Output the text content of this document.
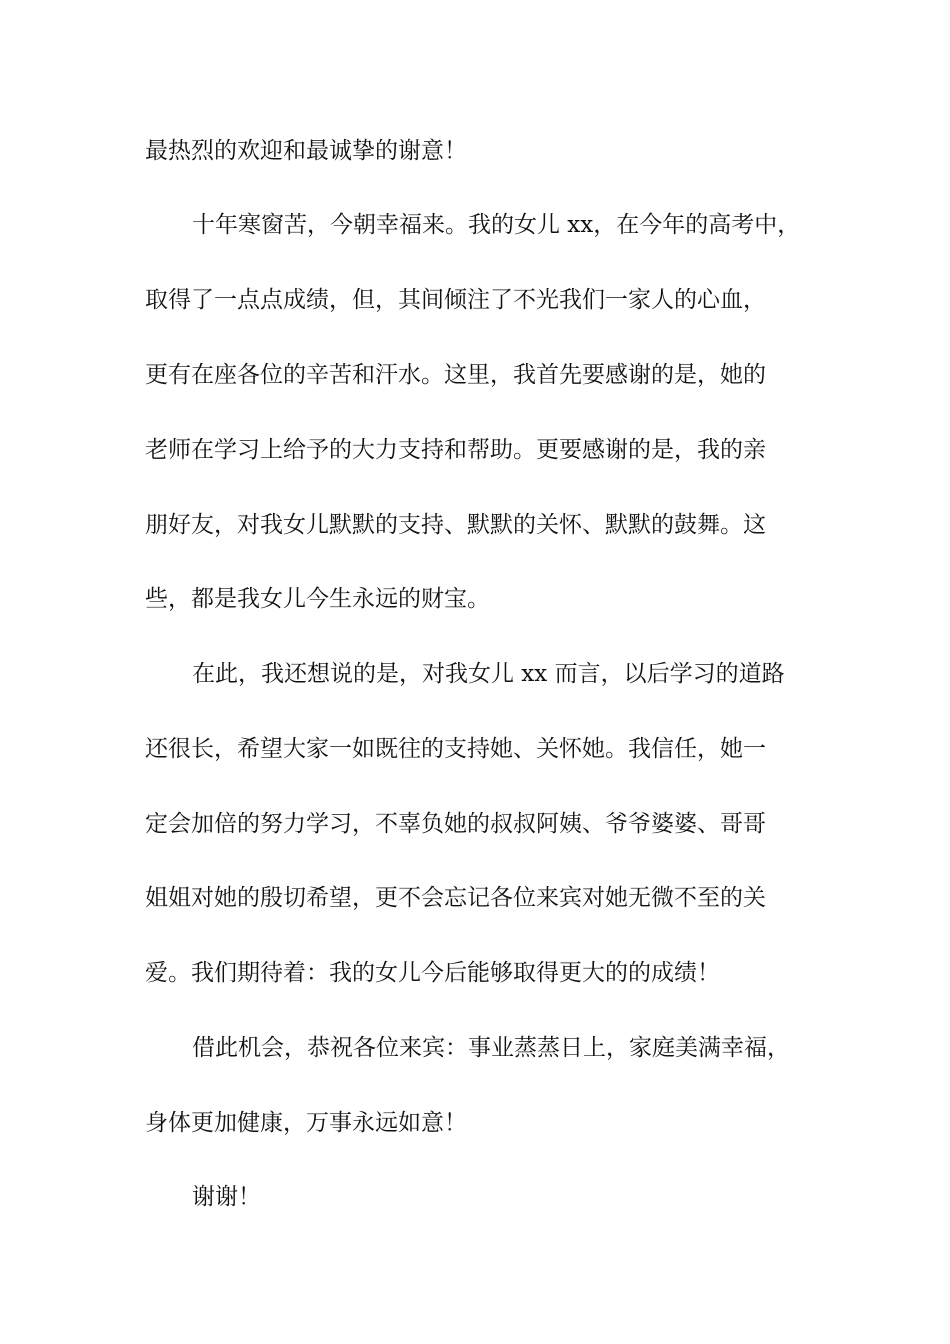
最热烈的欢迎和最诚挚的谢意！

十年寒窗苦，今朝幸福来。我的女儿 xx，在今年的高考中，

取得了一点点成绩，但，其间倾注了不光我们一家人的心血，

更有在座各位的辛苦和汗水。这里，我首先要感谢的是，她的

老师在学习上给予的大力支持和帮助。更要感谢的是，我的亲

朋好友，对我女儿默默的支持、默默的关怀、默默的鼓舞。这

些，都是我女儿今生永远的财宝。

在此，我还想说的是，对我女儿 xx 而言，以后学习的道路

还很长，希望大家一如既往的支持她、关怀她。我信任，她一

定会加倍的努力学习，不辜负她的叔叔阿姨、爷爷婆婆、哥哥

姐姐对她的殷切希望，更不会忘记各位来宾对她无微不至的关

爱。我们期待着：我的女儿今后能够取得更大的的成绩！

借此机会，恭祝各位来宾：事业蒸蒸日上，家庭美满幸福，

身体更加健康，万事永远如意！

谢谢！
